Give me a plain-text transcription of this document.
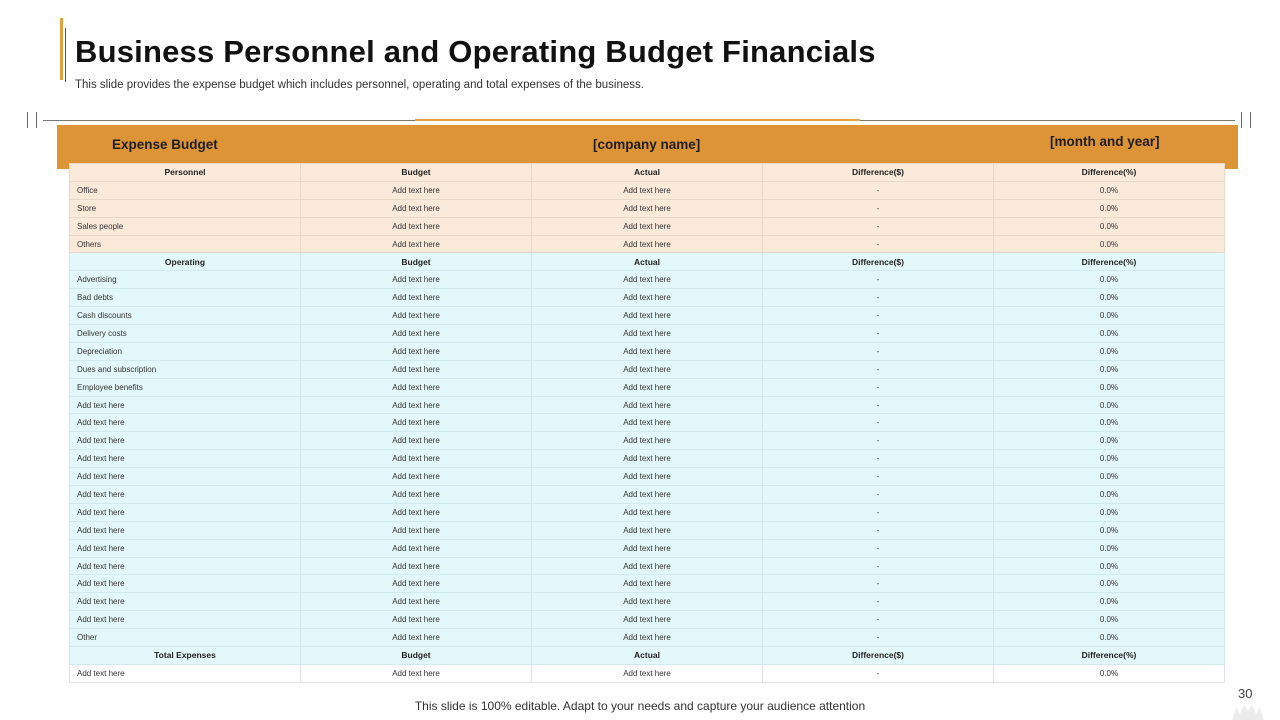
Business Personnel and Operating Budget Financials
This slide provides the expense budget which includes personnel, operating and total expenses of the business.
Expense Budget	[company name]	[month and year]
Personnel	Budget	Actual	Difference($)	Difference(%)
Office	Add text here	Add text here	-	0.0%
Store	Add text here	Add text here	-	0.0%
Sales people	Add text here	Add text here	-	0.0%
Others	Add text here	Add text here	-	0.0%
Operating	Budget	Actual	Difference($)	Difference(%)
Advertising	Add text here	Add text here	-	0.0%
Bad debts	Add text here	Add text here	-	0.0%
Cash discounts	Add text here	Add text here	-	0.0%
Delivery costs	Add text here	Add text here	-	0.0%
Depreciation	Add text here	Add text here	-	0.0%
Dues and subscription	Add text here	Add text here	-	0.0%
Employee benefits	Add text here	Add text here	-	0.0%
Add text here	Add text here	Add text here	-	0.0%
Add text here	Add text here	Add text here	-	0.0%
Add text here	Add text here	Add text here	-	0.0%
Add text here	Add text here	Add text here	-	0.0%
Add text here	Add text here	Add text here	-	0.0%
Add text here	Add text here	Add text here	-	0.0%
Add text here	Add text here	Add text here	-	0.0%
Add text here	Add text here	Add text here	-	0.0%
Add text here	Add text here	Add text here	-	0.0%
Add text here	Add text here	Add text here	-	0.0%
Add text here	Add text here	Add text here	-	0.0%
Add text here	Add text here	Add text here	-	0.0%
Add text here	Add text here	Add text here	-	0.0%
Other	Add text here	Add text here	-	0.0%
Total Expenses	Budget	Actual	Difference($)	Difference(%)
Add text here	Add text here	Add text here	-	0.0%
This slide is 100% editable. Adapt to your needs and capture your audience attention
30
